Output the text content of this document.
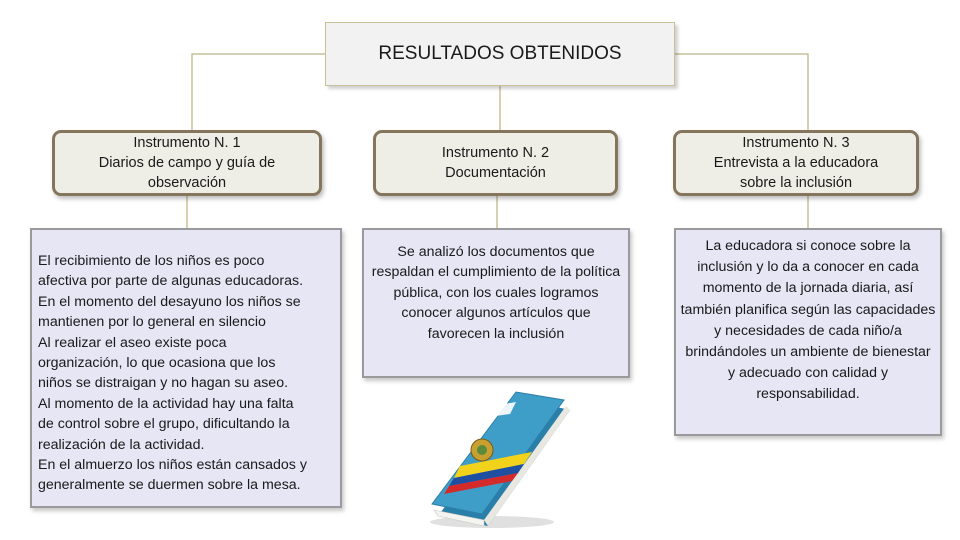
RESULTADOS OBTENIDOS
Instrumento N. 1
Diarios de campo y guía de
observación
Instrumento N. 2
Documentación
Instrumento N. 3
Entrevista a la educadora
sobre la inclusión
El recibimiento de los niños es poco
afectiva por parte de algunas educadoras.
En el momento del desayuno los niños se
mantienen por lo general en silencio
Al realizar el aseo existe poca
organización, lo que ocasiona que los
niños se distraigan y no hagan su aseo.
Al momento de la actividad hay una falta
de control sobre el grupo, dificultando la
realización de la actividad.
En el almuerzo los niños están cansados y
generalmente se duermen sobre la mesa.
Se analizó los documentos que respaldan el cumplimiento de la política pública, con los cuales logramos conocer algunos artículos que favorecen la inclusión
La educadora si conoce sobre la inclusión y lo da a conocer en cada momento de la jornada diaria, así también planifica según las capacidades y necesidades de cada niño/a brindándoles un ambiente de bienestar y adecuado con calidad y responsabilidad.
